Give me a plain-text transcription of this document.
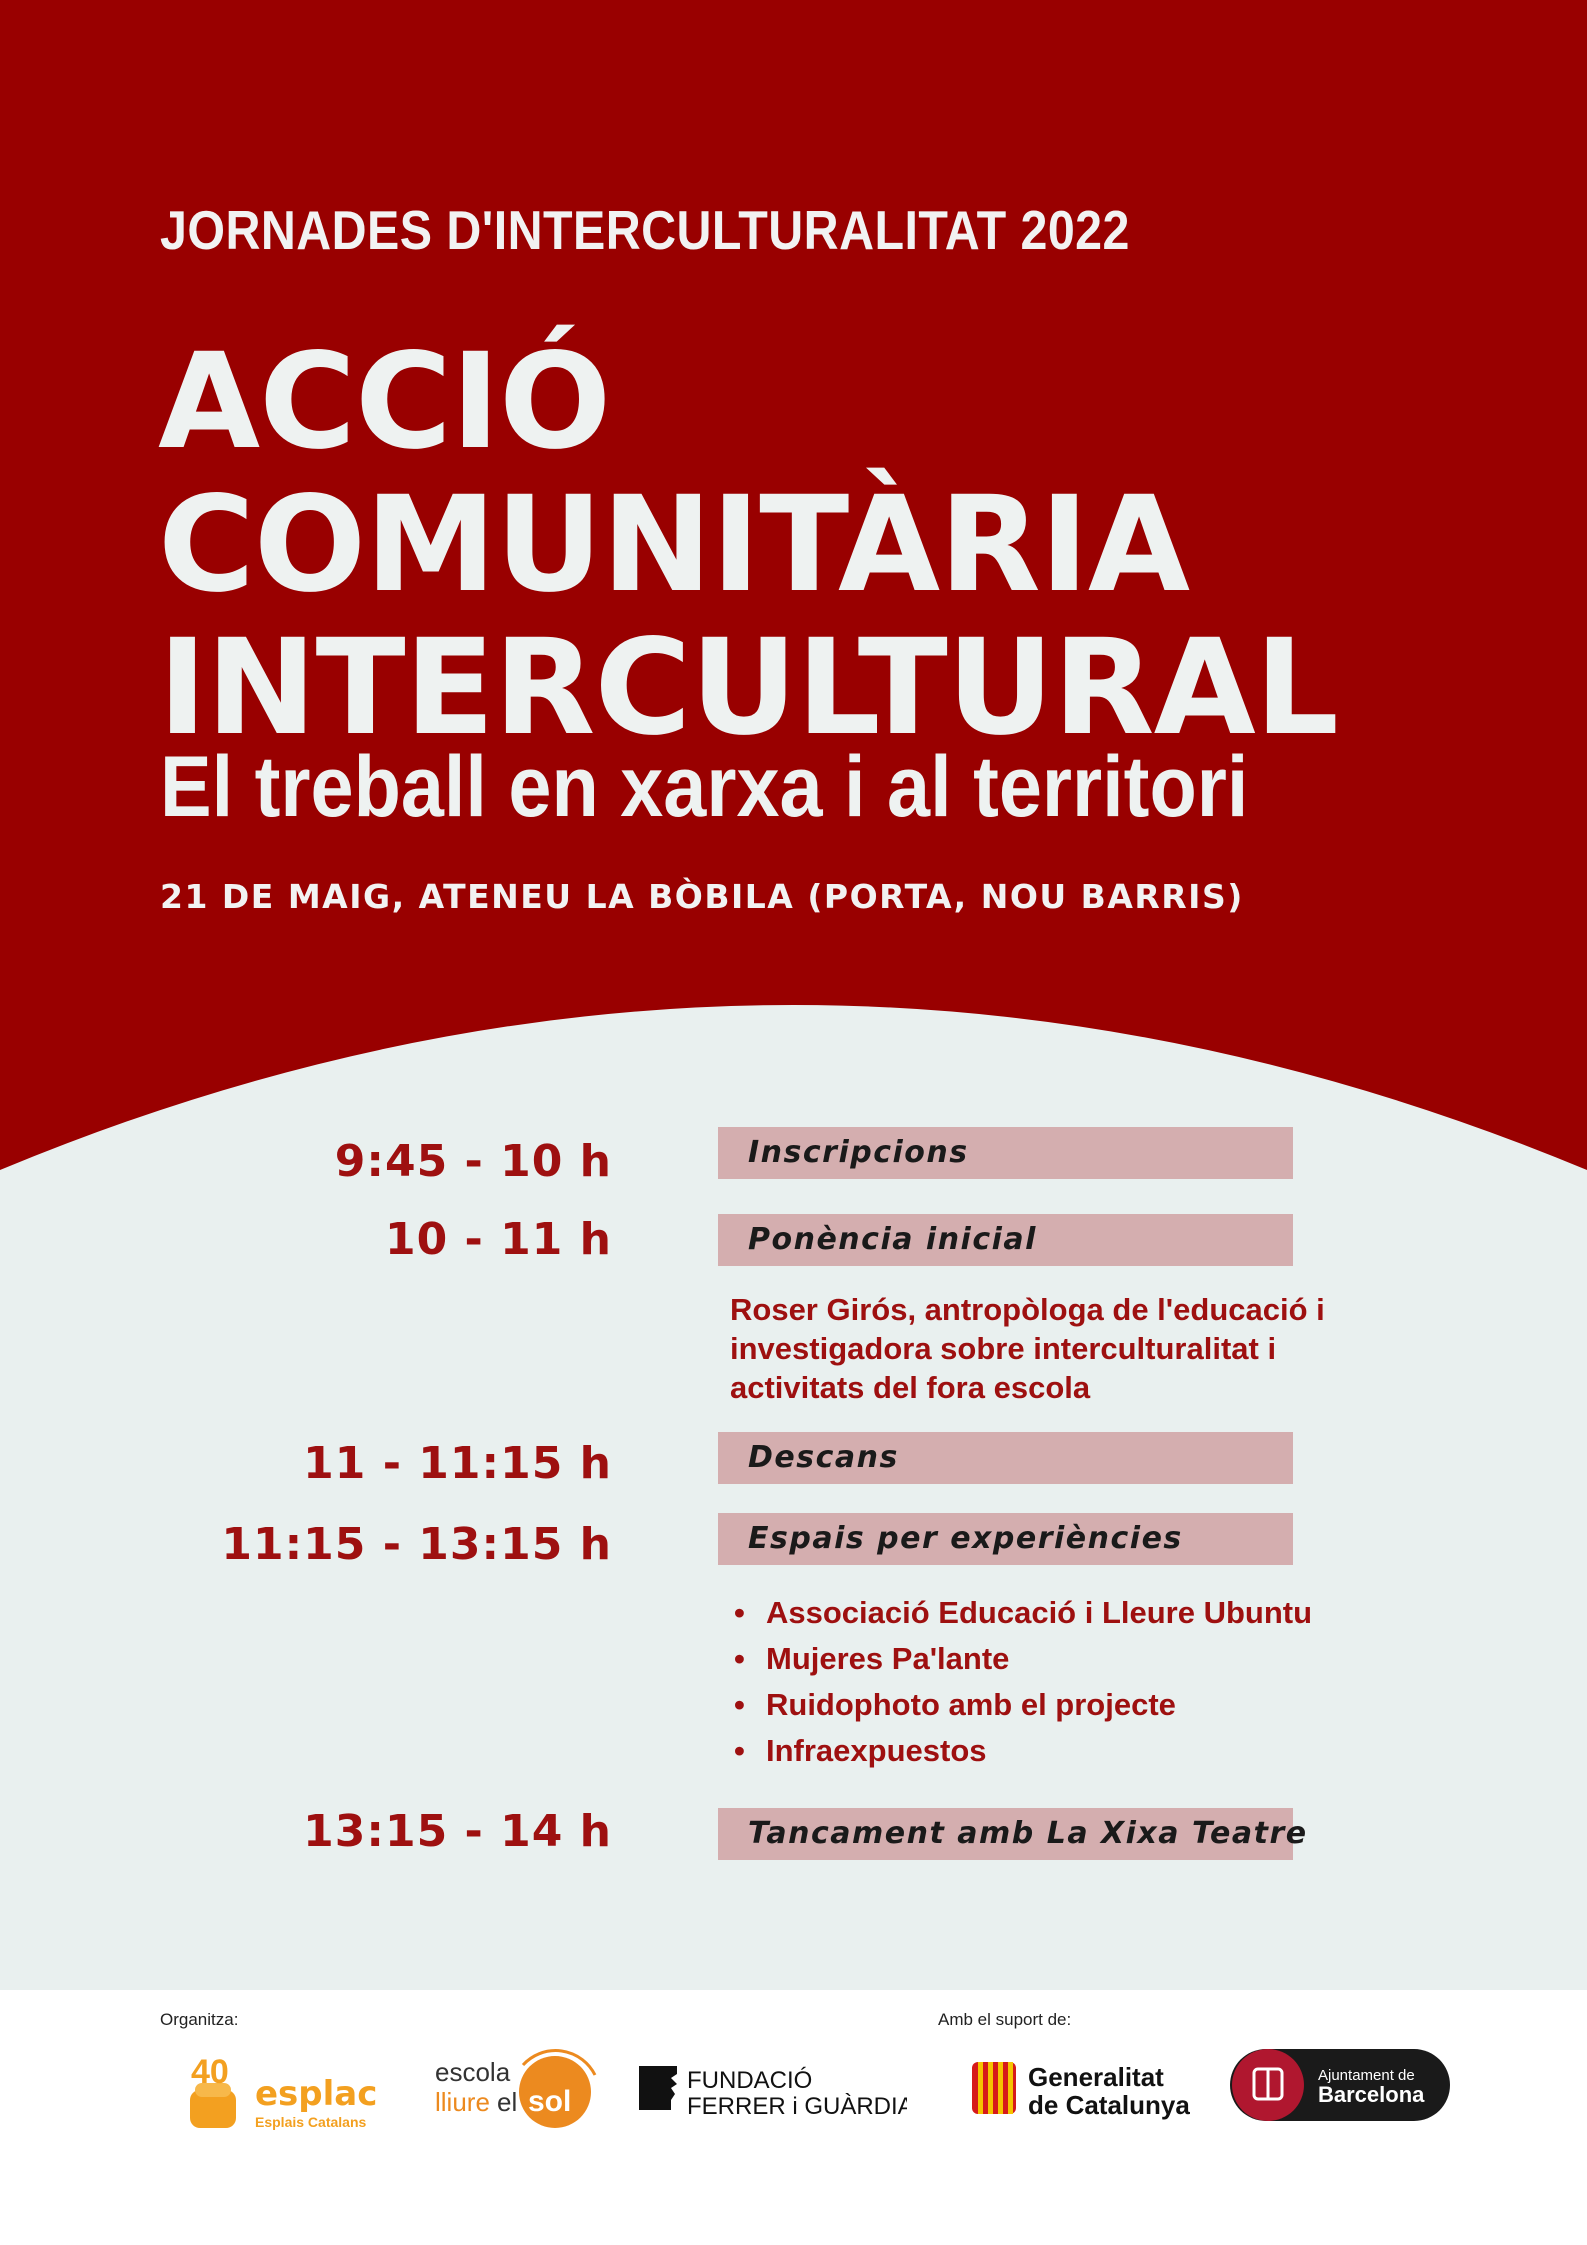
JORNADES D'INTERCULTURALITAT 2022
ACCIÓ
COMUNITÀRIA
INTERCULTURAL
El treball en xarxa i al territori
21 DE MAIG, ATENEU LA BÒBILA (PORTA, NOU BARRIS)
9:45 - 10 h	Inscripcions
10 - 11 h	Ponència inicial
Roser Girós, antropòloga de l'educació i
investigadora sobre interculturalitat i
activitats del fora escola
11 - 11:15 h	Descans
11:15 - 13:15 h	Espais per experiències
• Associació Educació i Lleure Ubuntu
• Mujeres Pa'lante
• Ruidophoto amb el projecte
• Infraexpuestos
13:15 - 14 h	Tancament amb La Xixa Teatre
Organitza:	Amb el suport de:
40
esplac
Esplais Catalans
escola
lliure el sol
FUNDACIÓ
FERRER i GUÀRDIA
Generalitat
de Catalunya
Ajuntament de
Barcelona
